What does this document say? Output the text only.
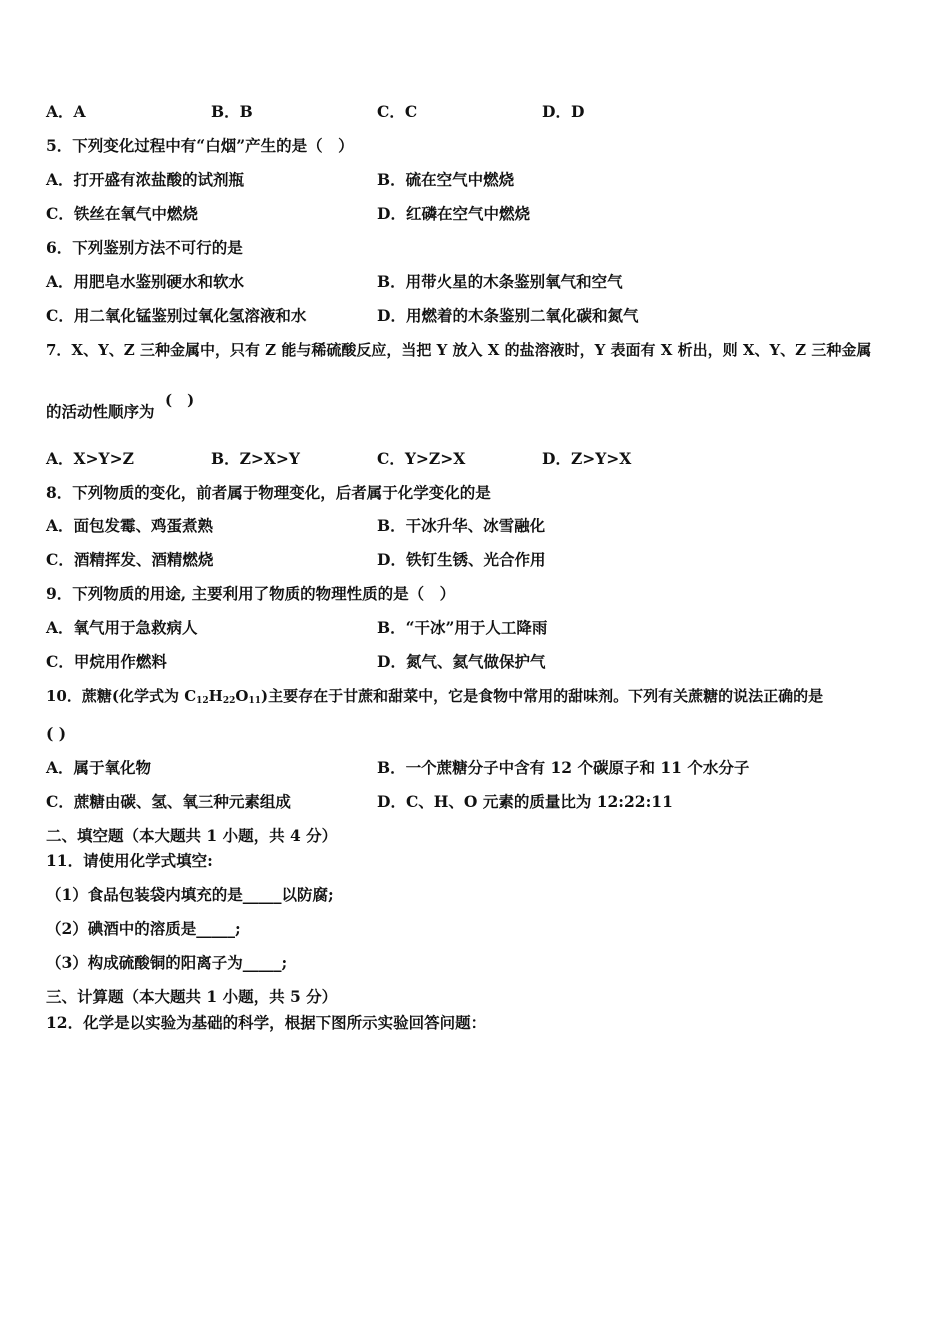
A．A	B．B	C．C	D．D
5．下列变化过程中有“白烟”产生的是（　）
A．打开盛有浓盐酸的试剂瓶	B．硫在空气中燃烧
C．铁丝在氧气中燃烧	D．红磷在空气中燃烧
6．下列鉴别方法不可行的是
A．用肥皂水鉴别硬水和软水	B．用带火星的木条鉴别氧气和空气
C．用二氧化锰鉴别过氧化氢溶液和水	D．用燃着的木条鉴别二氧化碳和氮气
7．X、Y、Z 三种金属中，只有 Z 能与稀硫酸反应，当把 Y 放入 X 的盐溶液时，Y 表面有 X 析出，则 X、Y、Z 三种金属
的活动性顺序为
(　)
A．X>Y>Z	B．Z>X>Y	C．Y>Z>X	D．Z>Y>X
8．下列物质的变化，前者属于物理变化，后者属于化学变化的是
A．面包发霉、鸡蛋煮熟	B．干冰升华、冰雪融化
C．酒精挥发、酒精燃烧	D．铁钉生锈、光合作用
9．下列物质的用途, 主要利用了物质的物理性质的是（　）
A．氧气用于急救病人	B．“干冰”用于人工降雨
C．甲烷用作燃料	D．氮气、氦气做保护气
10．蔗糖(化学式为 $C_{12}H_{22}O_{11}$)主要存在于甘蔗和甜菜中，它是食物中常用的甜味剂。下列有关蔗糖的说法正确的是
( )
A．属于氧化物	B．一个蔗糖分子中含有 12 个碳原子和 11 个水分子
C．蔗糖由碳、氢、氧三种元素组成	D．C、H、O 元素的质量比为 12:22:11
二、填空题（本大题共 1 小题，共 4 分）
11．请使用化学式填空:
（1）食品包装袋内填充的是_____以防腐;
（2）碘酒中的溶质是_____;
（3）构成硫酸铜的阳离子为_____;
三、计算题（本大题共 1 小题，共 5 分）
12．化学是以实验为基础的科学，根据下图所示实验回答问题：
